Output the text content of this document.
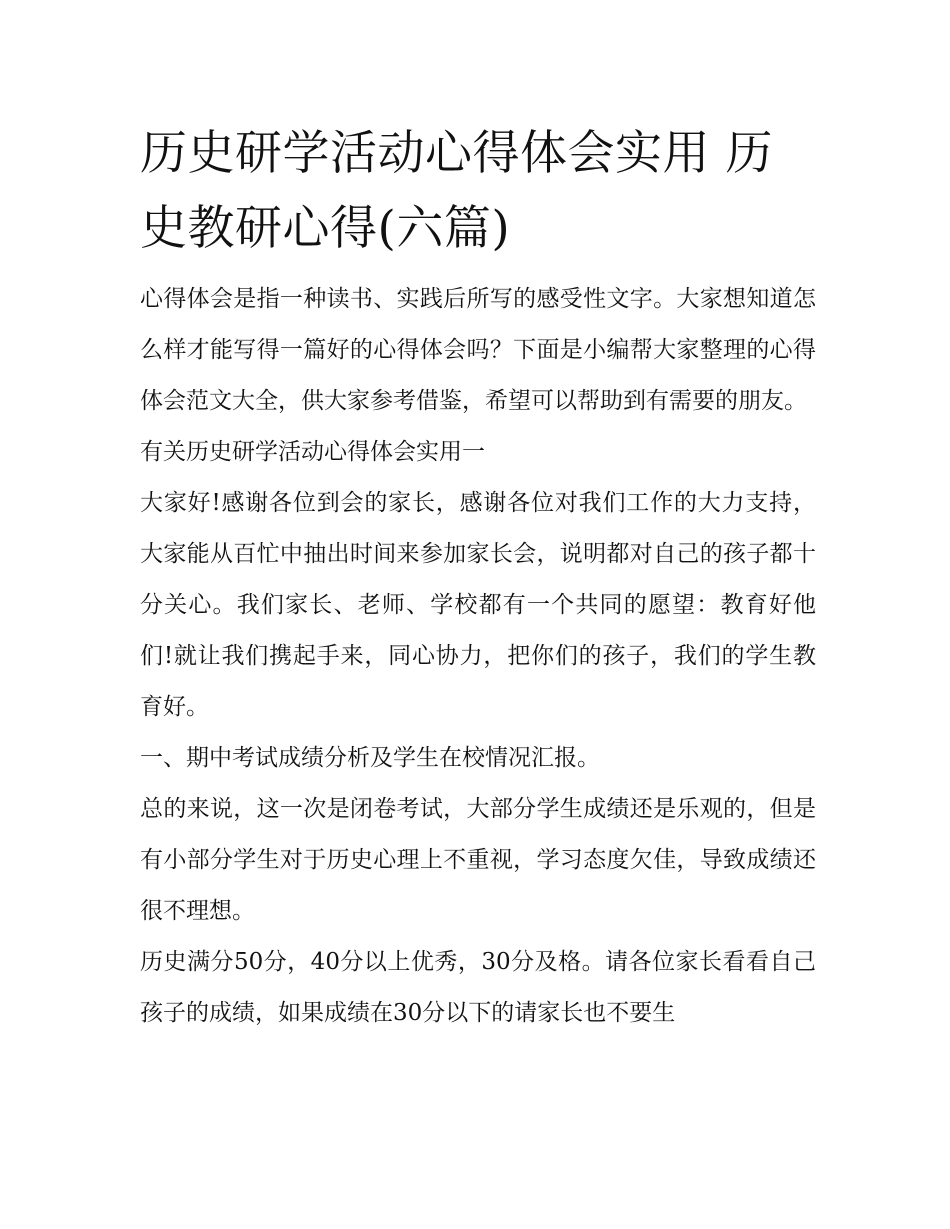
历史研学活动心得体会实用 历史教研心得(六篇)

心得体会是指一种读书、实践后所写的感受性文字。大家想知道怎么样才能写得一篇好的心得体会吗？下面是小编帮大家整理的心得体会范文大全，供大家参考借鉴，希望可以帮助到有需要的朋友。

有关历史研学活动心得体会实用一

大家好!感谢各位到会的家长，感谢各位对我们工作的大力支持，大家能从百忙中抽出时间来参加家长会，说明都对自己的孩子都十分关心。我们家长、老师、学校都有一个共同的愿望：教育好他们!就让我们携起手来，同心协力，把你们的孩子，我们的学生教育好。

一、期中考试成绩分析及学生在校情况汇报。

总的来说，这一次是闭卷考试，大部分学生成绩还是乐观的，但是有小部分学生对于历史心理上不重视，学习态度欠佳，导致成绩还很不理想。

历史满分50分，40分以上优秀，30分及格。请各位家长看看自己孩子的成绩，如果成绩在30分以下的请家长也不要生
